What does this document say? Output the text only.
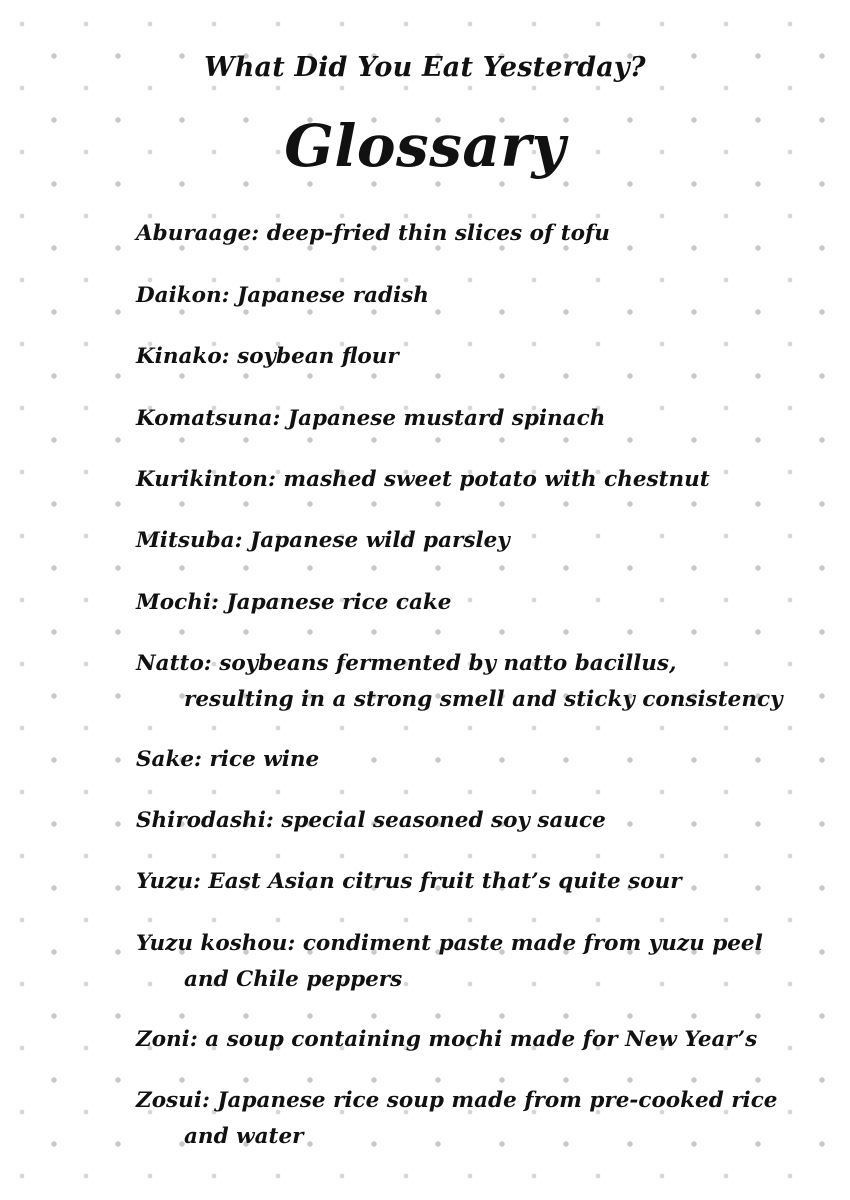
What Did You Eat Yesterday?
Glossary
Aburaage: deep-fried thin slices of tofu
Daikon: Japanese radish
Kinako: soybean flour
Komatsuna: Japanese mustard spinach
Kurikinton: mashed sweet potato with chestnut
Mitsuba: Japanese wild parsley
Mochi: Japanese rice cake
Natto: soybeans fermented by natto bacillus, resulting in a strong smell and sticky consistency
Sake: rice wine
Shirodashi: special seasoned soy sauce
Yuzu: East Asian citrus fruit that’s quite sour
Yuzu koshou: condiment paste made from yuzu peel and Chile peppers
Zoni: a soup containing mochi made for New Year’s
Zosui: Japanese rice soup made from pre-cooked rice and water
